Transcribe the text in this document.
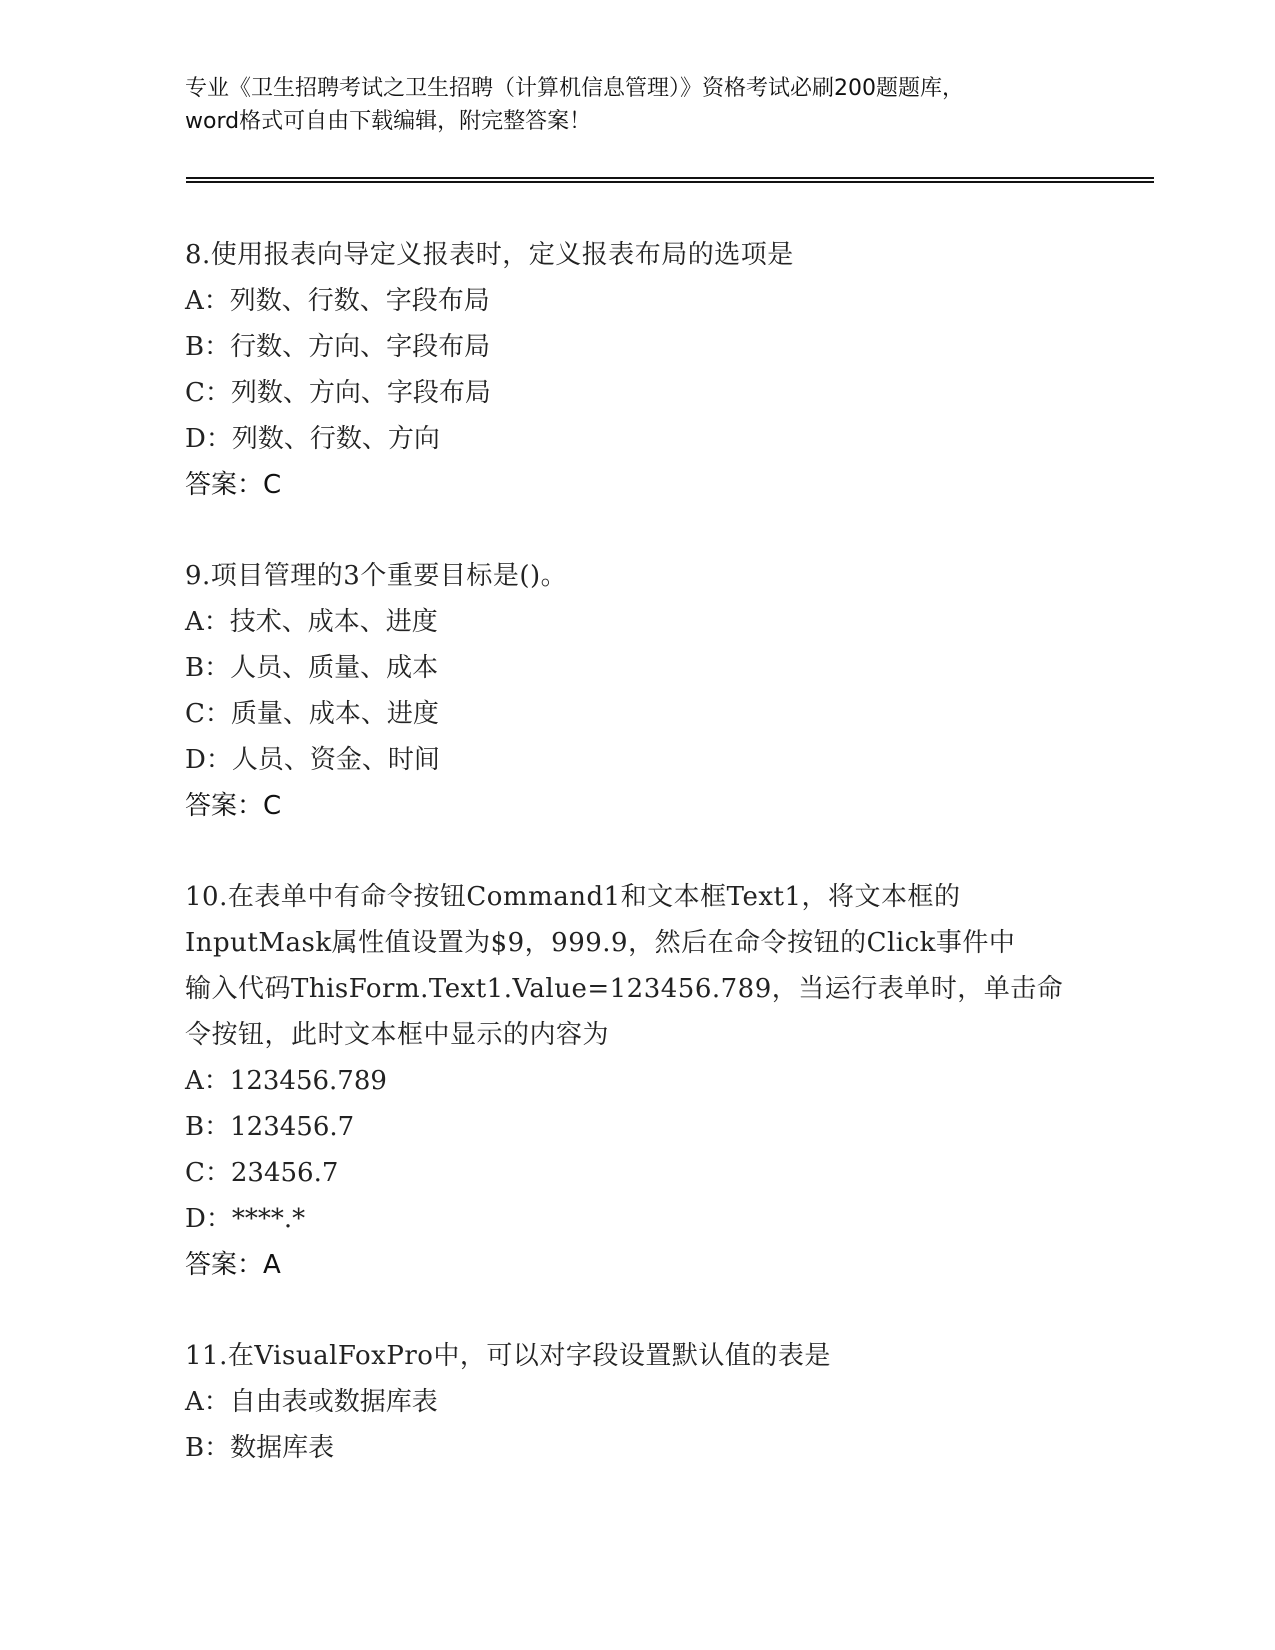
专业《卫生招聘考试之卫生招聘（计算机信息管理）》资格考试必刷200题题库，
word格式可自由下载编辑，附完整答案！
8.使用报表向导定义报表时，定义报表布局的选项是
A：列数、行数、字段布局
B：行数、方向、字段布局
C：列数、方向、字段布局
D：列数、行数、方向
答案：C
9.项目管理的3个重要目标是()。
A：技术、成本、进度
B：人员、质量、成本
C：质量、成本、进度
D：人员、资金、时间
答案：C
10.在表单中有命令按钮Command1和文本框Text1，将文本框的
InputMask属性值设置为$9，999.9，然后在命令按钮的Click事件中
输入代码ThisForm.Text1.Value=123456.789，当运行表单时，单击命
令按钮，此时文本框中显示的内容为
A：123456.789
B：123456.7
C：23456.7
D：****.*
答案：A
11.在VisualFoxPro中，可以对字段设置默认值的表是
A：自由表或数据库表
B：数据库表
